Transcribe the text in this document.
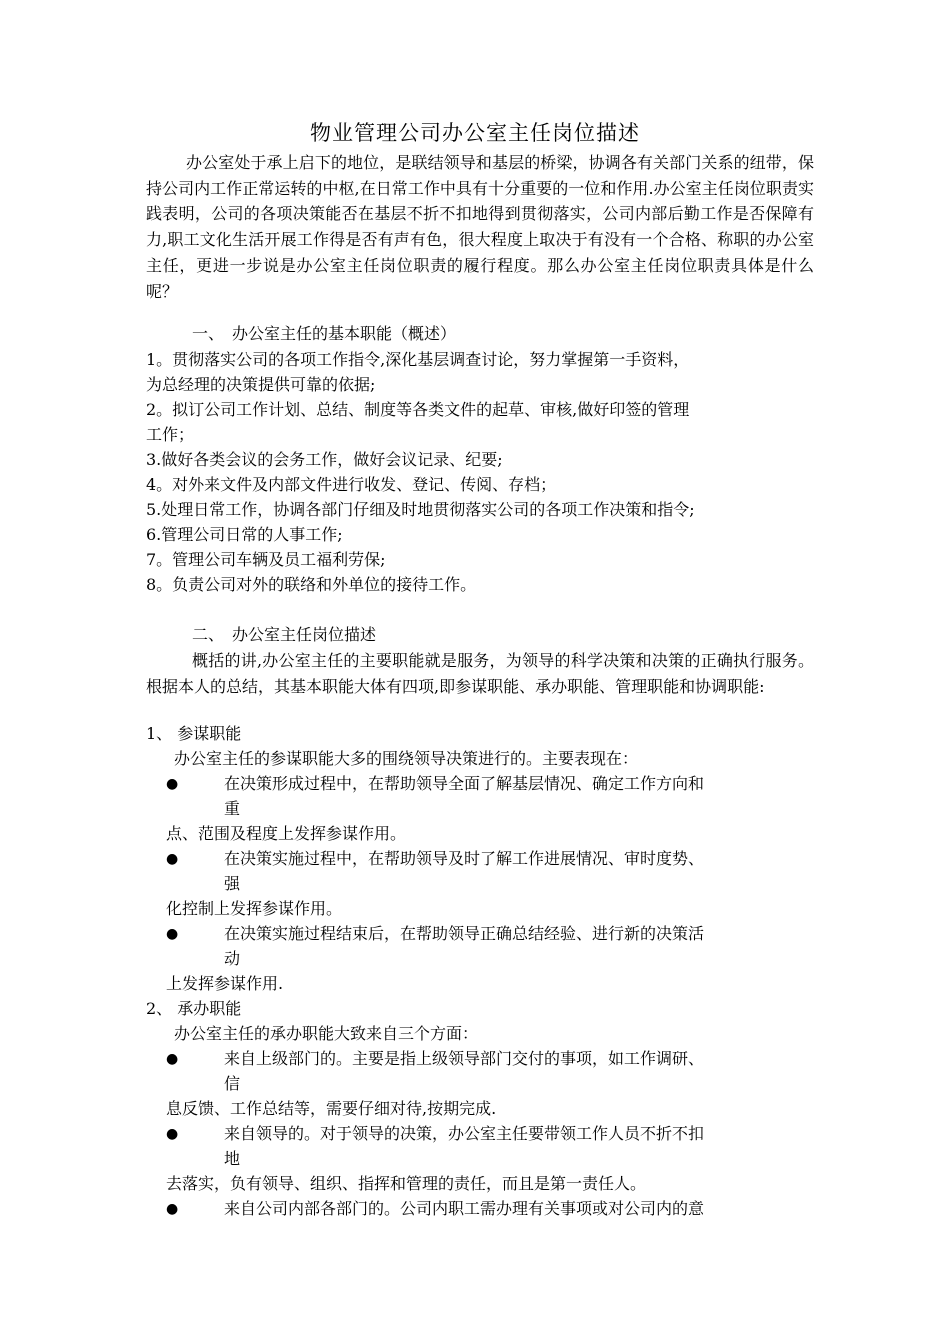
物业管理公司办公室主任岗位描述

办公室处于承上启下的地位，是联结领导和基层的桥梁，协调各有关部门关系的纽带，保持公司内工作正常运转的中枢,在日常工作中具有十分重要的一位和作用.办公室主任岗位职责实践表明，公司的各项决策能否在基层不折不扣地得到贯彻落实，公司内部后勤工作是否保障有力,职工文化生活开展工作得是否有声有色，很大程度上取决于有没有一个合格、称职的办公室主任，更进一步说是办公室主任岗位职责的履行程度。那么办公室主任岗位职责具体是什么呢？

一、　办公室主任的基本职能（概述）

1。贯彻落实公司的各项工作指令,深化基层调查讨论，努力掌握第一手资料，

为总经理的决策提供可靠的依据;

2。拟订公司工作计划、总结、制度等各类文件的起草、审核,做好印签的管理

工作；

3.做好各类会议的会务工作，做好会议记录、纪要;

4。对外来文件及内部文件进行收发、登记、传阅、存档；

5.处理日常工作，协调各部门仔细及时地贯彻落实公司的各项工作决策和指令;

6.管理公司日常的人事工作;

7。管理公司车辆及员工福利劳保;

8。负责公司对外的联络和外单位的接待工作。

二、　办公室主任岗位描述

概括的讲,办公室主任的主要职能就是服务，为领导的科学决策和决策的正确执行服务。根据本人的总结，其基本职能大体有四项,即参谋职能、承办职能、管理职能和协调职能:

1、 参谋职能

办公室主任的参谋职能大多的围绕领导决策进行的。主要表现在：

●	在决策形成过程中，在帮助领导全面了解基层情况、确定工作方向和

重

点、范围及程度上发挥参谋作用。

●	在决策实施过程中，在帮助领导及时了解工作进展情况、审时度势、

强

化控制上发挥参谋作用。

●	在决策实施过程结束后，在帮助领导正确总结经验、进行新的决策活

动

上发挥参谋作用.

2、 承办职能

办公室主任的承办职能大致来自三个方面：

●	来自上级部门的。主要是指上级领导部门交付的事项，如工作调研、

信

息反馈、工作总结等，需要仔细对待,按期完成.

●	来自领导的。对于领导的决策，办公室主任要带领工作人员不折不扣

地

去落实，负有领导、组织、指挥和管理的责任，而且是第一责任人。

●	来自公司内部各部门的。公司内职工需办理有关事项或对公司内的意
